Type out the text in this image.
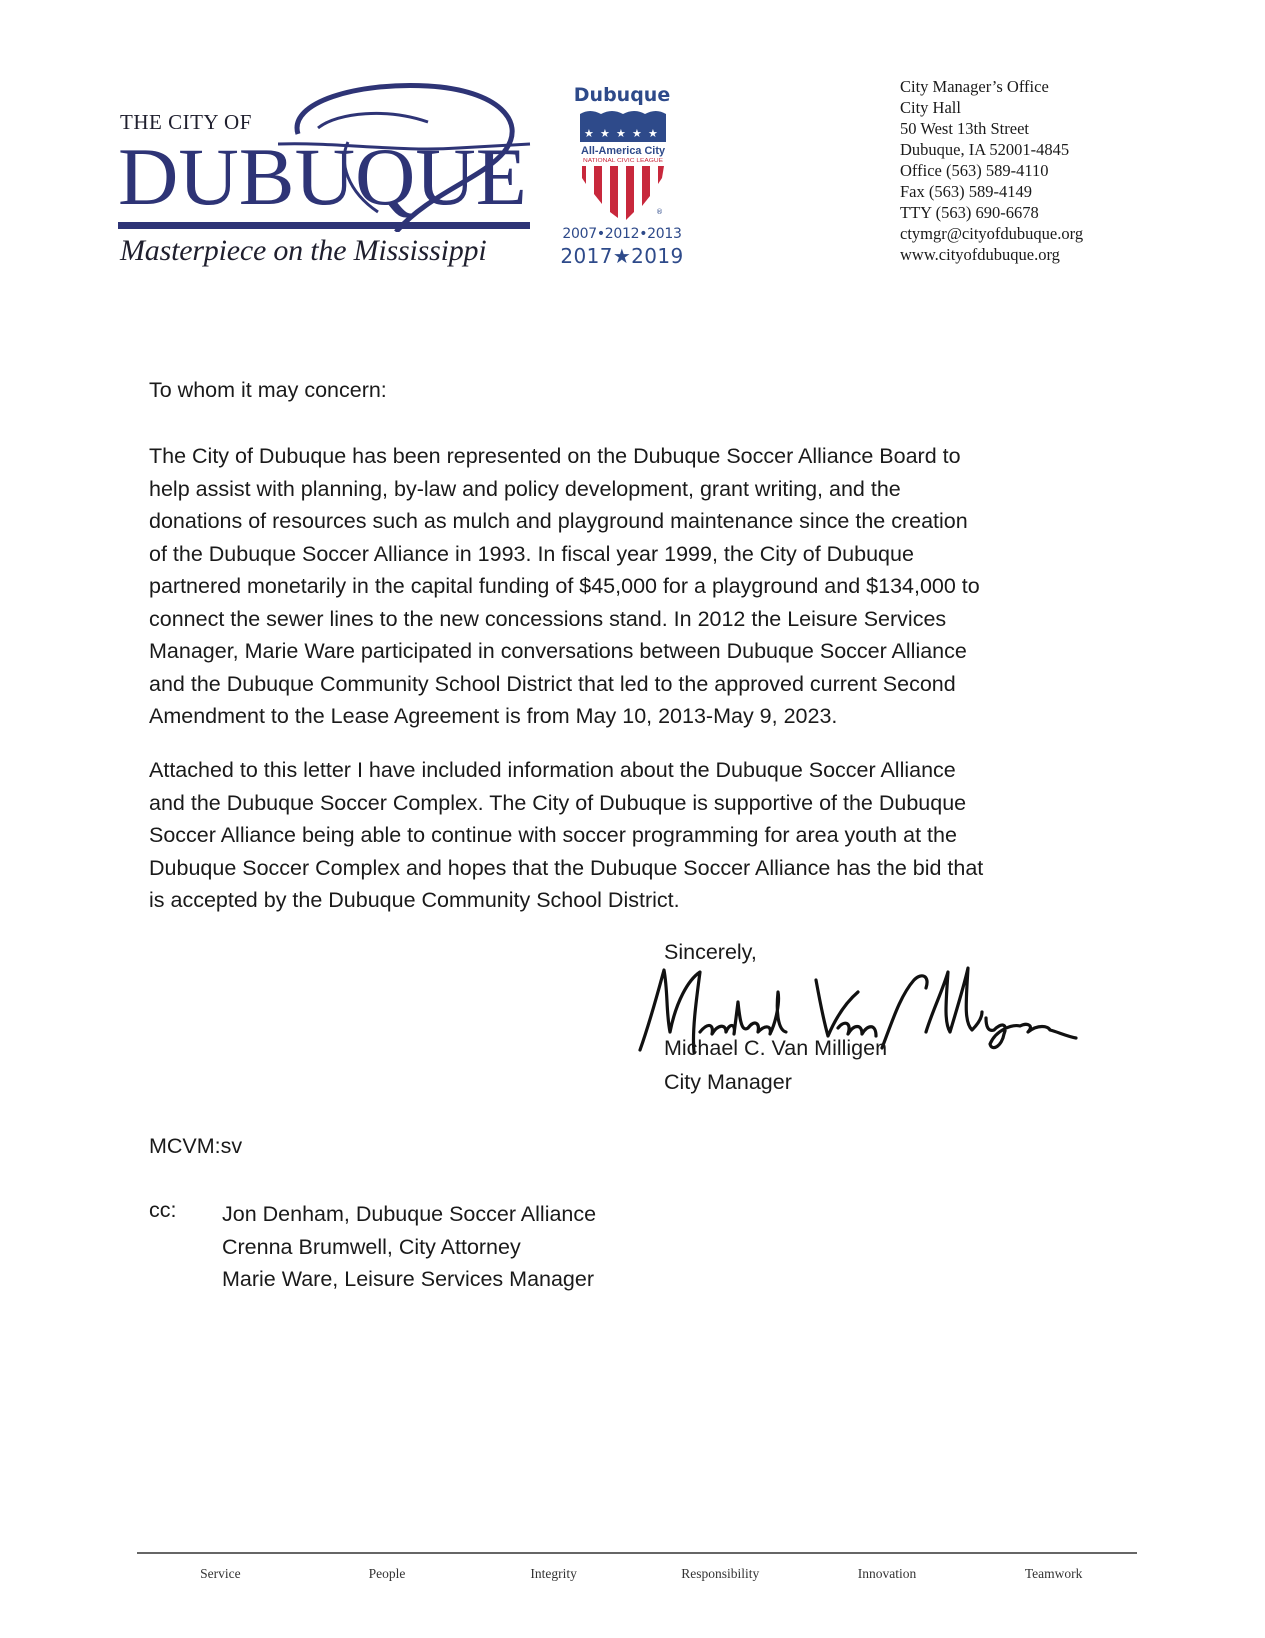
THE CITY OF
DUBUQUE
Masterpiece on the Mississippi
Dubuque
★ ★ ★ ★ ★
All-America City
NATIONAL CIVIC LEAGUE
®
2007•2012•2013
2017★2019
City Manager’s Office
City Hall
50 West 13th Street
Dubuque, IA 52001-4845
Office (563) 589-4110
Fax (563) 589-4149
TTY (563) 690-6678
ctymgr@cityofdubuque.org
www.cityofdubuque.org
To whom it may concern:
The City of Dubuque has been represented on the Dubuque Soccer Alliance Board to
help assist with planning, by-law and policy development, grant writing, and the
donations of resources such as mulch and playground maintenance since the creation
of the Dubuque Soccer Alliance in 1993. In fiscal year 1999, the City of Dubuque
partnered monetarily in the capital funding of $45,000 for a playground and $134,000 to
connect the sewer lines to the new concessions stand. In 2012 the Leisure Services
Manager, Marie Ware participated in conversations between Dubuque Soccer Alliance
and the Dubuque Community School District that led to the approved current Second
Amendment to the Lease Agreement is from May 10, 2013-May 9, 2023.
Attached to this letter I have included information about the Dubuque Soccer Alliance
and the Dubuque Soccer Complex. The City of Dubuque is supportive of the Dubuque
Soccer Alliance being able to continue with soccer programming for area youth at the
Dubuque Soccer Complex and hopes that the Dubuque Soccer Alliance has the bid that
is accepted by the Dubuque Community School District.
Sincerely,
Michael C. Van Milligen
City Manager
MCVM:sv
cc: Jon Denham, Dubuque Soccer Alliance
Crenna Brumwell, City Attorney
Marie Ware, Leisure Services Manager
Service	People	Integrity	Responsibility	Innovation	Teamwork
